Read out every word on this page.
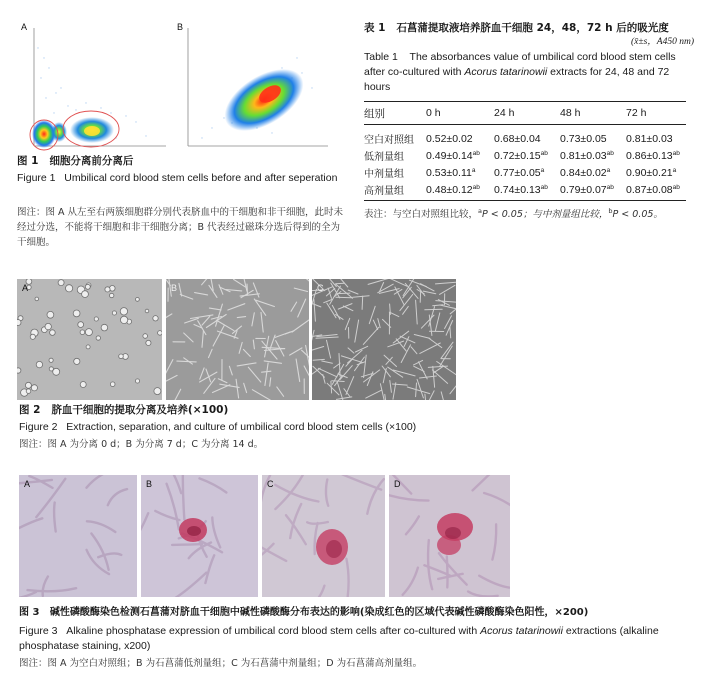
A	B
图 1 细胞分离前分离后
Figure 1 Umbilical cord blood stem cells before and after seperation
图注：图 A 从左至右两簇细胞群分别代表脐血中的干细胞和非干细胞，此时未经过分选，不能将干细胞和非干细胞分离；B 代表经过磁珠分选后得到的全为干细胞。
表 1 石菖蒲提取液培养脐血干细胞 24，48，72 h 后的吸光度
(x̄±s，A450 nm)
Table 1 The absorbances value of umbilical cord blood stem cells after co-cultured with Acorus tatarinowii extracts for 24, 48 and 72 hours
组别	0 h	24 h	48 h	72 h
空白对照组	0.52±0.02	0.68±0.04	0.73±0.05	0.81±0.03
低剂量组	0.49±0.14$^{ab}$	0.72±0.15$^{ab}$	0.81±0.03$^{ab}$	0.86±0.13$^{ab}$
中剂量组	0.53±0.11$^a$	0.77±0.05$^a$	0.84±0.02$^a$	0.90±0.21$^a$
高剂量组	0.48±0.12$^{ab}$	0.74±0.13$^{ab}$	0.79±0.07$^{ab}$	0.87±0.08$^{ab}$
表注：与空白对照组比较，$^a$P < 0.05；与中剂量组比较，$^b$P < 0.05。
A	B	C
图 2 脐血干细胞的提取分离及培养(×100)
Figure 2 Extraction, separation, and culture of umbilical cord blood stem cells (×100)
图注：图 A 为分离 0 d；B 为分离 7 d；C 为分离 14 d。
A	B	C	D
图 3 碱性磷酸酶染色检测石菖蒲对脐血干细胞中碱性磷酸酶分布表达的影响(染成红色的区域代表碱性磷酸酶染色阳性，×200)
Figure 3 Alkaline phosphatase expression of umbilical cord blood stem cells after co-cultured with Acorus tatarinowii extractions (alkaline phosphatase staining, x200)
图注：图 A 为空白对照组；B 为石菖蒲低剂量组；C 为石菖蒲中剂量组；D 为石菖蒲高剂量组。
